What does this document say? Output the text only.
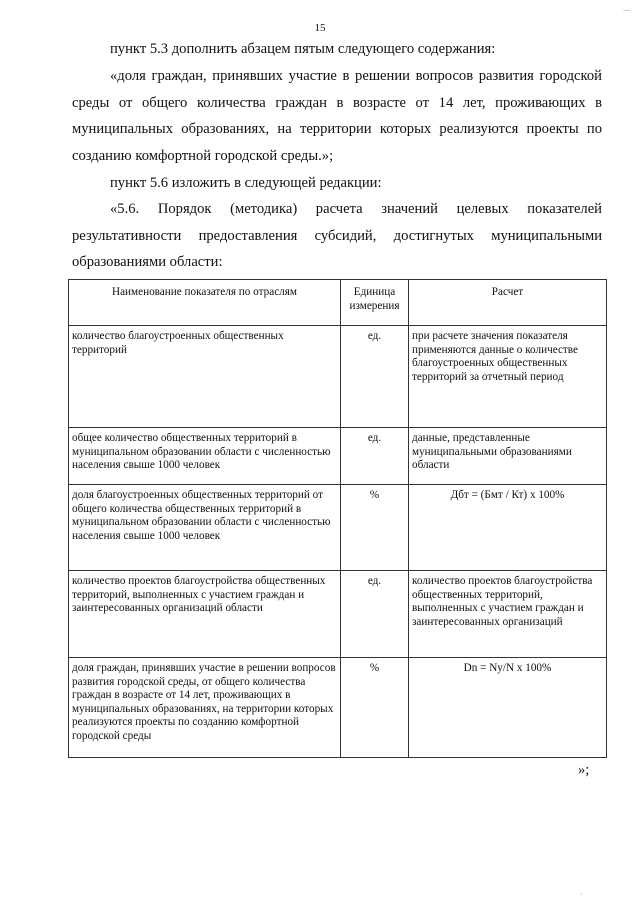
15

пункт 5.3 дополнить абзацем пятым следующего содержания:

«доля граждан, принявших участие в решении вопросов развития городской среды от общего количества граждан в возрасте от 14 лет, проживающих в муниципальных образованиях, на территории которых реализуются проекты по созданию комфортной городской среды.»;

пункт 5.6 изложить в следующей редакции:

«5.6. Порядок (методика) расчета значений целевых показателей результативности предоставления субсидий, достигнутых муниципальными образованиями области:

Наименование показателя по отраслям	Единица измерения	Расчет
количество благоустроенных общественных территорий	ед.	при расчете значения показателя применяются данные о количестве благоустроенных общественных территорий за отчетный период
общее количество общественных территорий в муниципальном образовании области с численностью населения свыше 1000 человек	ед.	данные, представленные муниципальными образованиями области
доля благоустроенных общественных территорий от общего количества общественных территорий в муниципальном образовании области с численностью населения свыше 1000 человек	%	Дбт = (Бмт / Кт) х 100%
количество проектов благоустройства общественных территорий, выполненных с участием граждан и заинтересованных организаций области	ед.	количество проектов благоустройства общественных территорий, выполненных с участием граждан и заинтересованных организаций
доля граждан, принявших участие в решении вопросов развития городской среды, от общего количества граждан в возрасте от 14 лет, проживающих в муниципальных образованиях, на территории которых реализуются проекты по созданию комфортной городской среды	%	Dn = Ny/N x 100%
»;
‿
·
